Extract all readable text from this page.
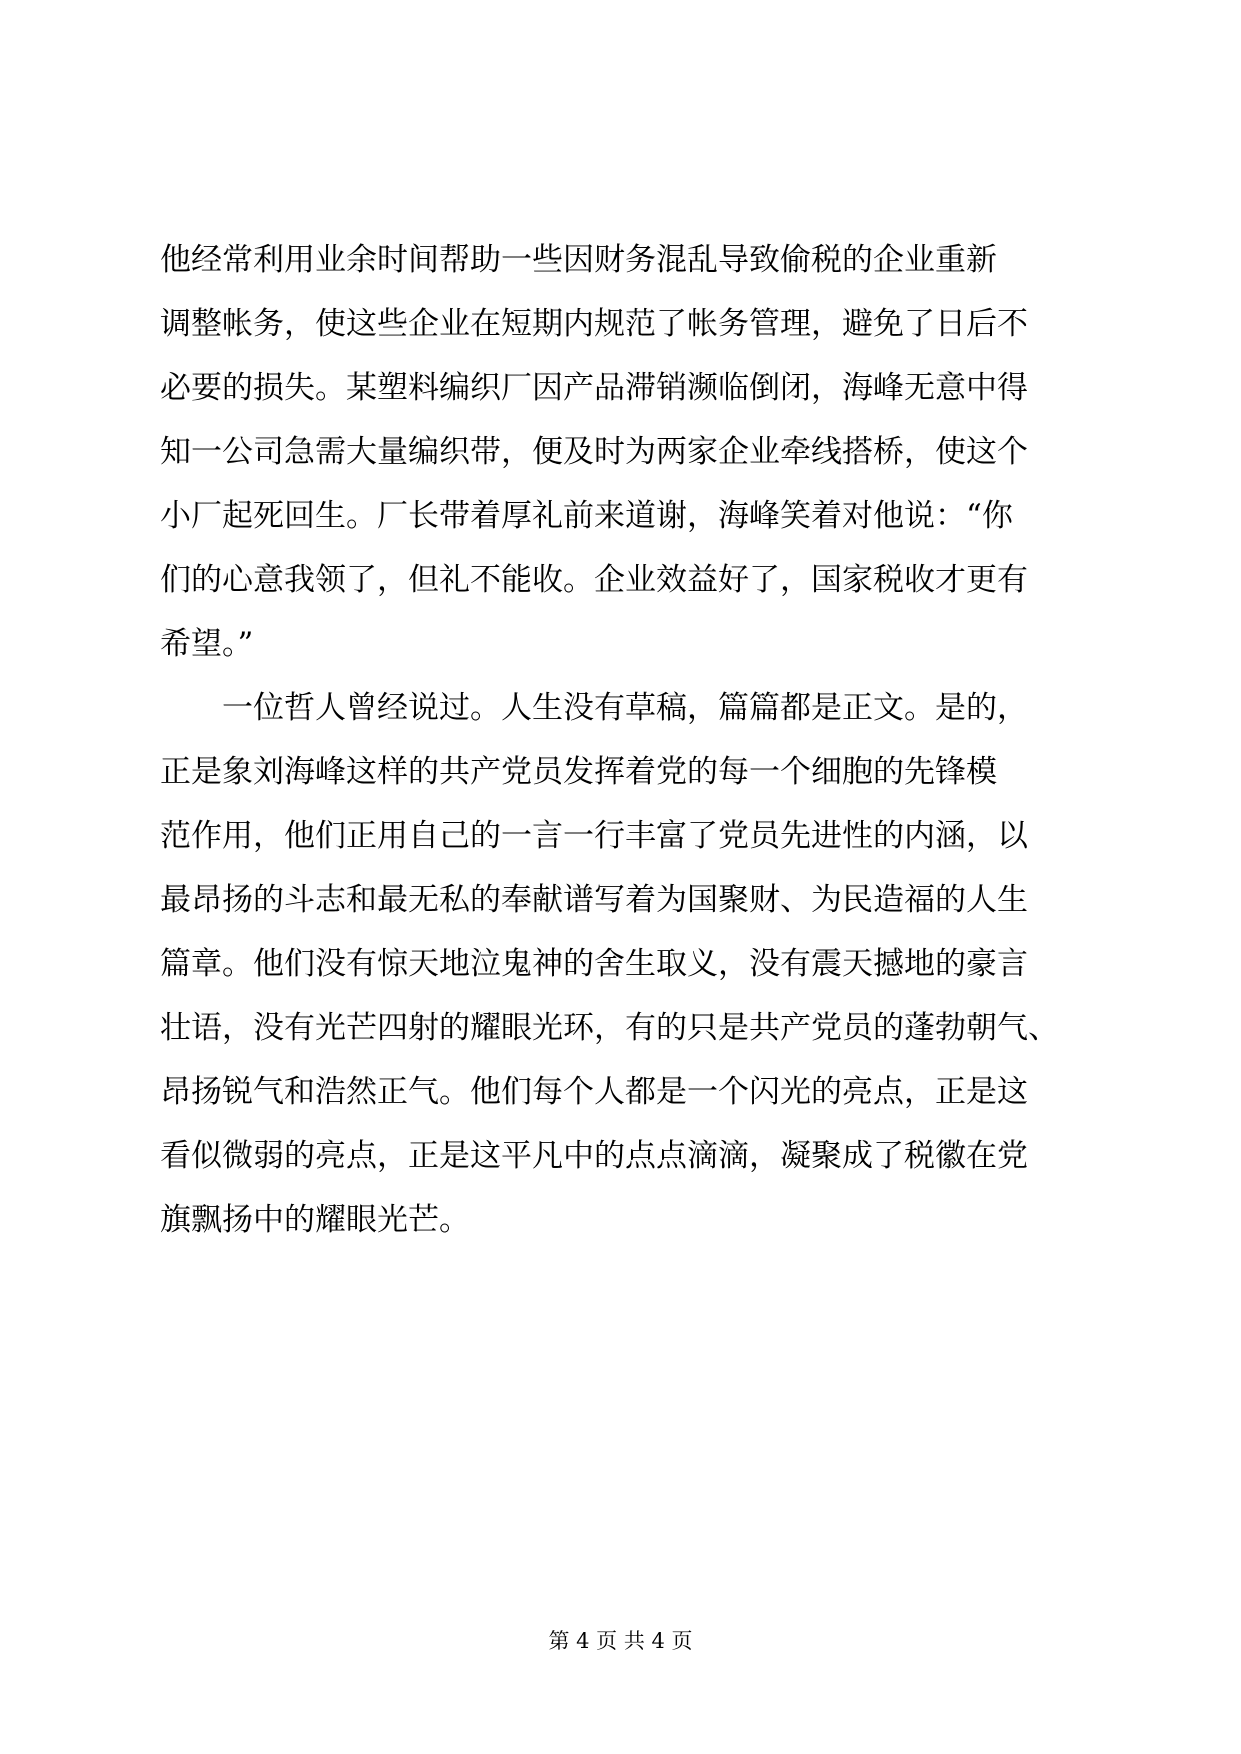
他经常利用业余时间帮助一些因财务混乱导致偷税的企业重新
调整帐务，使这些企业在短期内规范了帐务管理，避免了日后不
必要的损失。某塑料编织厂因产品滞销濒临倒闭，海峰无意中得
知一公司急需大量编织带，便及时为两家企业牵线搭桥，使这个
小厂起死回生。厂长带着厚礼前来道谢，海峰笑着对他说：“你
们的心意我领了，但礼不能收。企业效益好了，国家税收才更有
希望。”
　　一位哲人曾经说过。人生没有草稿，篇篇都是正文。是的，
正是象刘海峰这样的共产党员发挥着党的每一个细胞的先锋模
范作用，他们正用自己的一言一行丰富了党员先进性的内涵，以
最昂扬的斗志和最无私的奉献谱写着为国聚财、为民造福的人生
篇章。他们没有惊天地泣鬼神的舍生取义，没有震天撼地的豪言
壮语，没有光芒四射的耀眼光环，有的只是共产党员的蓬勃朝气、
昂扬锐气和浩然正气。他们每个人都是一个闪光的亮点，正是这
看似微弱的亮点，正是这平凡中的点点滴滴，凝聚成了税徽在党
旗飘扬中的耀眼光芒。
第 4 页 共 4 页
